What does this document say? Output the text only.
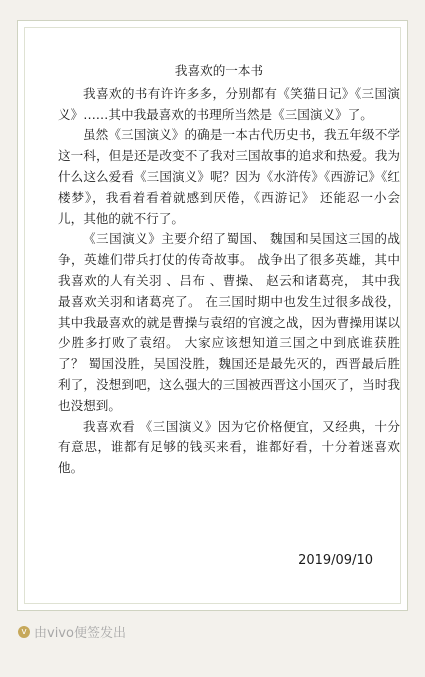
我喜欢的一本书

我喜欢的书有许许多多，分别都有《笑猫日记》《三国演义》……其中我最喜欢的书理所当然是《三国演义》了。

虽然《三国演义》的确是一本古代历史书，我五年级不学这一科，但是还是改变不了我对三国故事的追求和热爱。我为什么这么爱看《三国演义》呢？因为《水浒传》《西游记》《红楼梦》，我看着看着就感到厌倦，《西游记》 还能忍一小会儿，其他的就不行了。

《三国演义》主要介绍了蜀国、 魏国和吴国这三国的战争，英雄们带兵打仗的传奇故事。 战争出了很多英雄，其中我喜欢的人有关羽 、吕布 、曹操、 赵云和诸葛亮， 其中我最喜欢关羽和诸葛亮了。 在三国时期中也发生过很多战役，其中我最喜欢的就是曹操与袁绍的官渡之战，因为曹操用谋以少胜多打败了袁绍。 大家应该想知道三国之中到底谁获胜了？ 蜀国没胜，吴国没胜，魏国还是最先灭的，西晋最后胜利了，没想到吧，这么强大的三国被西晋这小国灭了，当时我也没想到。

我喜欢看 《三国演义》因为它价格便宜，又经典，十分有意思，谁都有足够的钱买来看，谁都好看，十分着迷喜欢他。

2019/09/10
v 由vivo便签发出
